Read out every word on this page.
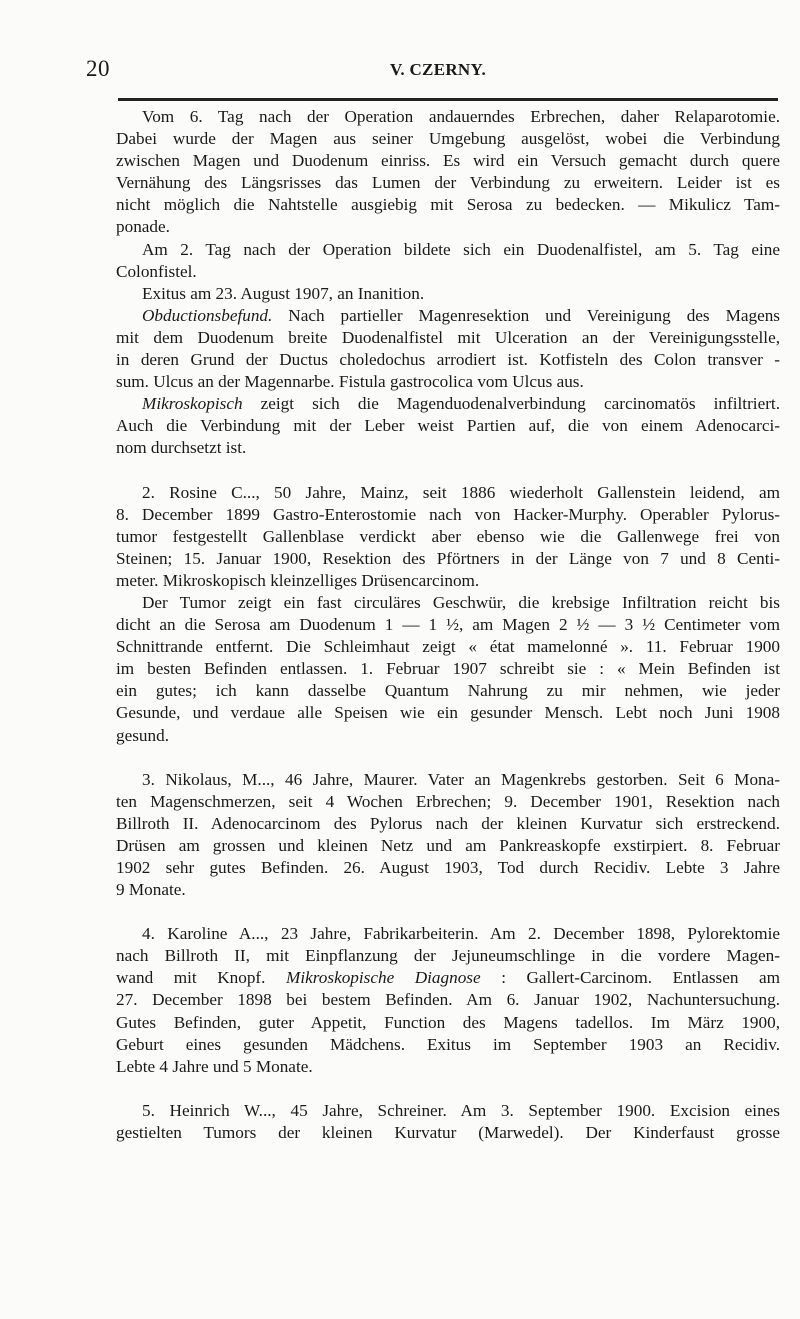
20	V. CZERNY.
Vom 6. Tag nach der Operation andauerndes Erbrechen, daher Relaparotomie.
Dabei wurde der Magen aus seiner Umgebung ausgelöst, wobei die Verbindung
zwischen Magen und Duodenum einriss. Es wird ein Versuch gemacht durch quere
Vernähung des Längsrisses das Lumen der Verbindung zu erweitern. Leider ist es
nicht möglich die Nahtstelle ausgiebig mit Serosa zu bedecken. — Mikulicz Tam-
ponade.
Am 2. Tag nach der Operation bildete sich ein Duodenalfistel, am 5. Tag eine
Colonfistel.
Exitus am 23. August 1907, an Inanition.
Obductionsbefund. Nach partieller Magenresektion und Vereinigung des Magens
mit dem Duodenum breite Duodenalfistel mit Ulceration an der Vereinigungsstelle,
in deren Grund der Ductus choledochus arrodiert ist. Kotfisteln des Colon transver -
sum. Ulcus an der Magennarbe. Fistula gastrocolica vom Ulcus aus.
Mikroskopisch zeigt sich die Magenduodenalverbindung carcinomatös infiltriert.
Auch die Verbindung mit der Leber weist Partien auf, die von einem Adenocarci-
nom durchsetzt ist.
2. Rosine C..., 50 Jahre, Mainz, seit 1886 wiederholt Gallenstein leidend, am
8. December 1899 Gastro-Enterostomie nach von Hacker-Murphy. Operabler Pylorus-
tumor festgestellt Gallenblase verdickt aber ebenso wie die Gallenwege frei von
Steinen; 15. Januar 1900, Resektion des Pförtners in der Länge von 7 und 8 Centi-
meter. Mikroskopisch kleinzelliges Drüsencarcinom.
Der Tumor zeigt ein fast circuläres Geschwür, die krebsige Infiltration reicht bis
dicht an die Serosa am Duodenum 1 — 1 ½, am Magen 2 ½ — 3 ½ Centimeter vom
Schnittrande entfernt. Die Schleimhaut zeigt « état mamelonné ». 11. Februar 1900
im besten Befinden entlassen. 1. Februar 1907 schreibt sie : « Mein Befinden ist
ein gutes; ich kann dasselbe Quantum Nahrung zu mir nehmen, wie jeder
Gesunde, und verdaue alle Speisen wie ein gesunder Mensch. Lebt noch Juni 1908
gesund.
3. Nikolaus, M..., 46 Jahre, Maurer. Vater an Magenkrebs gestorben. Seit 6 Mona-
ten Magenschmerzen, seit 4 Wochen Erbrechen; 9. December 1901, Resektion nach
Billroth II. Adenocarcinom des Pylorus nach der kleinen Kurvatur sich erstreckend.
Drüsen am grossen und kleinen Netz und am Pankreaskopfe exstirpiert. 8. Februar
1902 sehr gutes Befinden. 26. August 1903, Tod durch Recidiv. Lebte 3 Jahre
9 Monate.
4. Karoline A..., 23 Jahre, Fabrikarbeiterin. Am 2. December 1898, Pylorektomie
nach Billroth II, mit Einpflanzung der Jejuneumschlinge in die vordere Magen-
wand mit Knopf. Mikroskopische Diagnose : Gallert-Carcinom. Entlassen am
27. December 1898 bei bestem Befinden. Am 6. Januar 1902, Nachuntersuchung.
Gutes Befinden, guter Appetit, Function des Magens tadellos. Im März 1900,
Geburt eines gesunden Mädchens. Exitus im September 1903 an Recidiv.
Lebte 4 Jahre und 5 Monate.
5. Heinrich W..., 45 Jahre, Schreiner. Am 3. September 1900. Excision eines
gestielten Tumors der kleinen Kurvatur (Marwedel). Der Kinderfaust grosse
